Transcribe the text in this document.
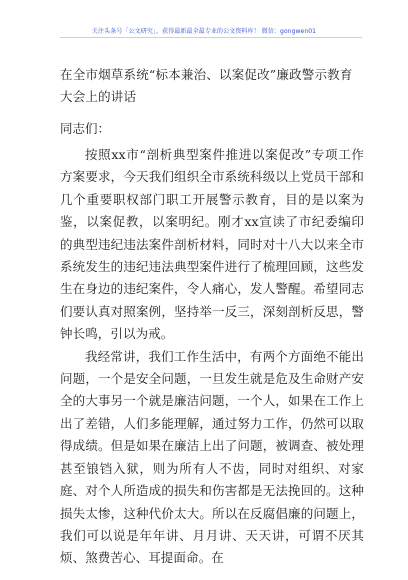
关注头条号「公文研究」，获得最新最全最专业的公文资料库！ 微信：gongwen01
在全市烟草系统“标本兼治、以案促改”廉政警示教育大会上的讲话

同志们：

按照xx市“剖析典型案件推进以案促改”专项工作方案要求，今天我们组织全市系统科级以上党员干部和几个重要职权部门职工开展警示教育，目的是以案为鉴，以案促教，以案明纪。刚才xx宣读了市纪委编印的典型违纪违法案件剖析材料，同时对十八大以来全市系统发生的违纪违法典型案件进行了梳理回顾，这些发生在身边的违纪案件，令人痛心，发人警醒。希望同志们要认真对照案例，坚持举一反三，深刻剖析反思，警钟长鸣，引以为戒。

我经常讲，我们工作生活中，有两个方面绝不能出问题，一个是安全问题，一旦发生就是危及生命财产安全的大事另一个就是廉洁问题，一个人，如果在工作上出了差错，人们多能理解，通过努力工作，仍然可以取得成绩。但是如果在廉洁上出了问题，被调查、被处理甚至锒铛入狱，则为所有人不齿，同时对组织、对家庭、对个人所造成的损失和伤害都是无法挽回的。这种损失太惨，这种代价太大。所以在反腐倡廉的问题上，我们可以说是年年讲、月月讲、天天讲，可谓不厌其烦、煞费苦心、耳提面命。在
